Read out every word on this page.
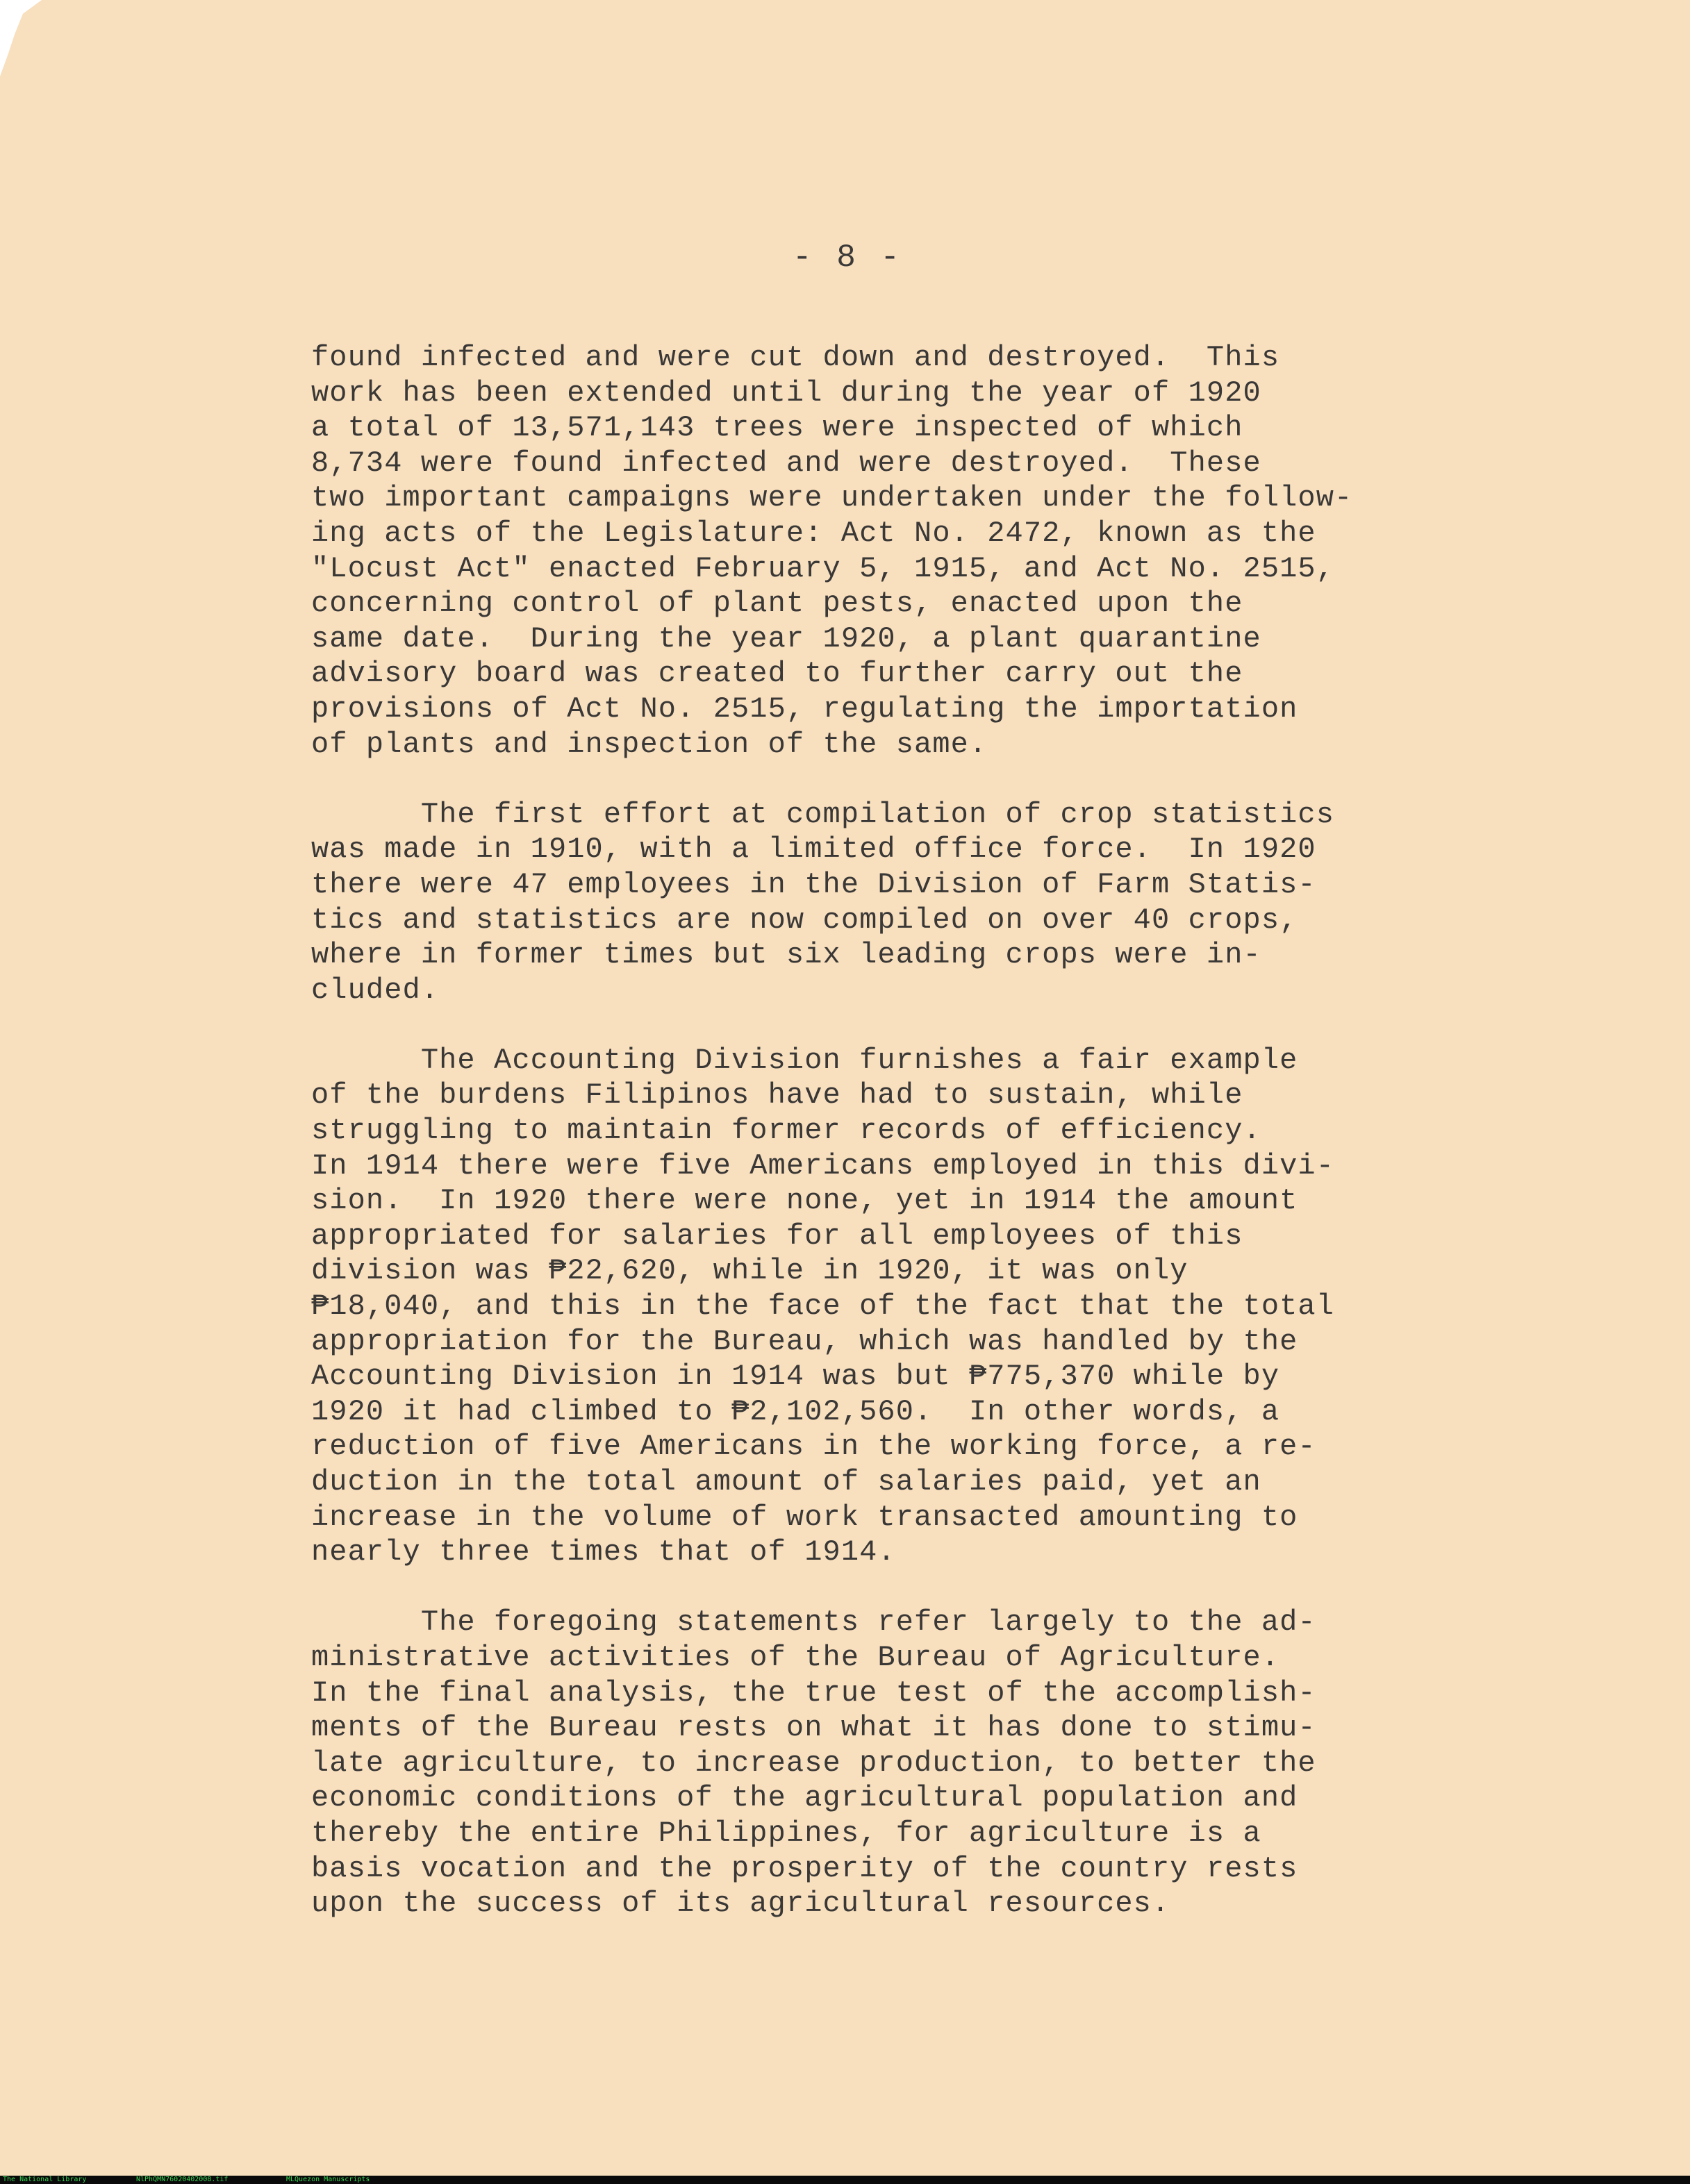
- 8 -
found infected and were cut down and destroyed.  This
work has been extended until during the year of 1920
a total of 13,571,143 trees were inspected of which
8,734 were found infected and were destroyed.  These
two important campaigns were undertaken under the follow-
ing acts of the Legislature: Act No. 2472, known as the
"Locust Act" enacted February 5, 1915, and Act No. 2515,
concerning control of plant pests, enacted upon the
same date.  During the year 1920, a plant quarantine
advisory board was created to further carry out the
provisions of Act No. 2515, regulating the importation
of plants and inspection of the same.
The first effort at compilation of crop statistics
was made in 1910, with a limited office force.  In 1920
there were 47 employees in the Division of Farm Statis-
tics and statistics are now compiled on over 40 crops,
where in former times but six leading crops were in-
cluded.
The Accounting Division furnishes a fair example
of the burdens Filipinos have had to sustain, while
struggling to maintain former records of efficiency.
In 1914 there were five Americans employed in this divi-
sion.  In 1920 there were none, yet in 1914 the amount
appropriated for salaries for all employees of this
division was ₱22,620, while in 1920, it was only
₱18,040, and this in the face of the fact that the total
appropriation for the Bureau, which was handled by the
Accounting Division in 1914 was but ₱775,370 while by
1920 it had climbed to ₱2,102,560.  In other words, a
reduction of five Americans in the working force, a re-
duction in the total amount of salaries paid, yet an
increase in the volume of work transacted amounting to
nearly three times that of 1914.
The foregoing statements refer largely to the ad-
ministrative activities of the Bureau of Agriculture.
In the final analysis, the true test of the accomplish-
ments of the Bureau rests on what it has done to stimu-
late agriculture, to increase production, to better the
economic conditions of the agricultural population and
thereby the entire Philippines, for agriculture is a
basis vocation and the prosperity of the country rests
upon the success of its agricultural resources.
The National Library	NlPhQMN76020402008.tif	MLQuezon Manuscripts
